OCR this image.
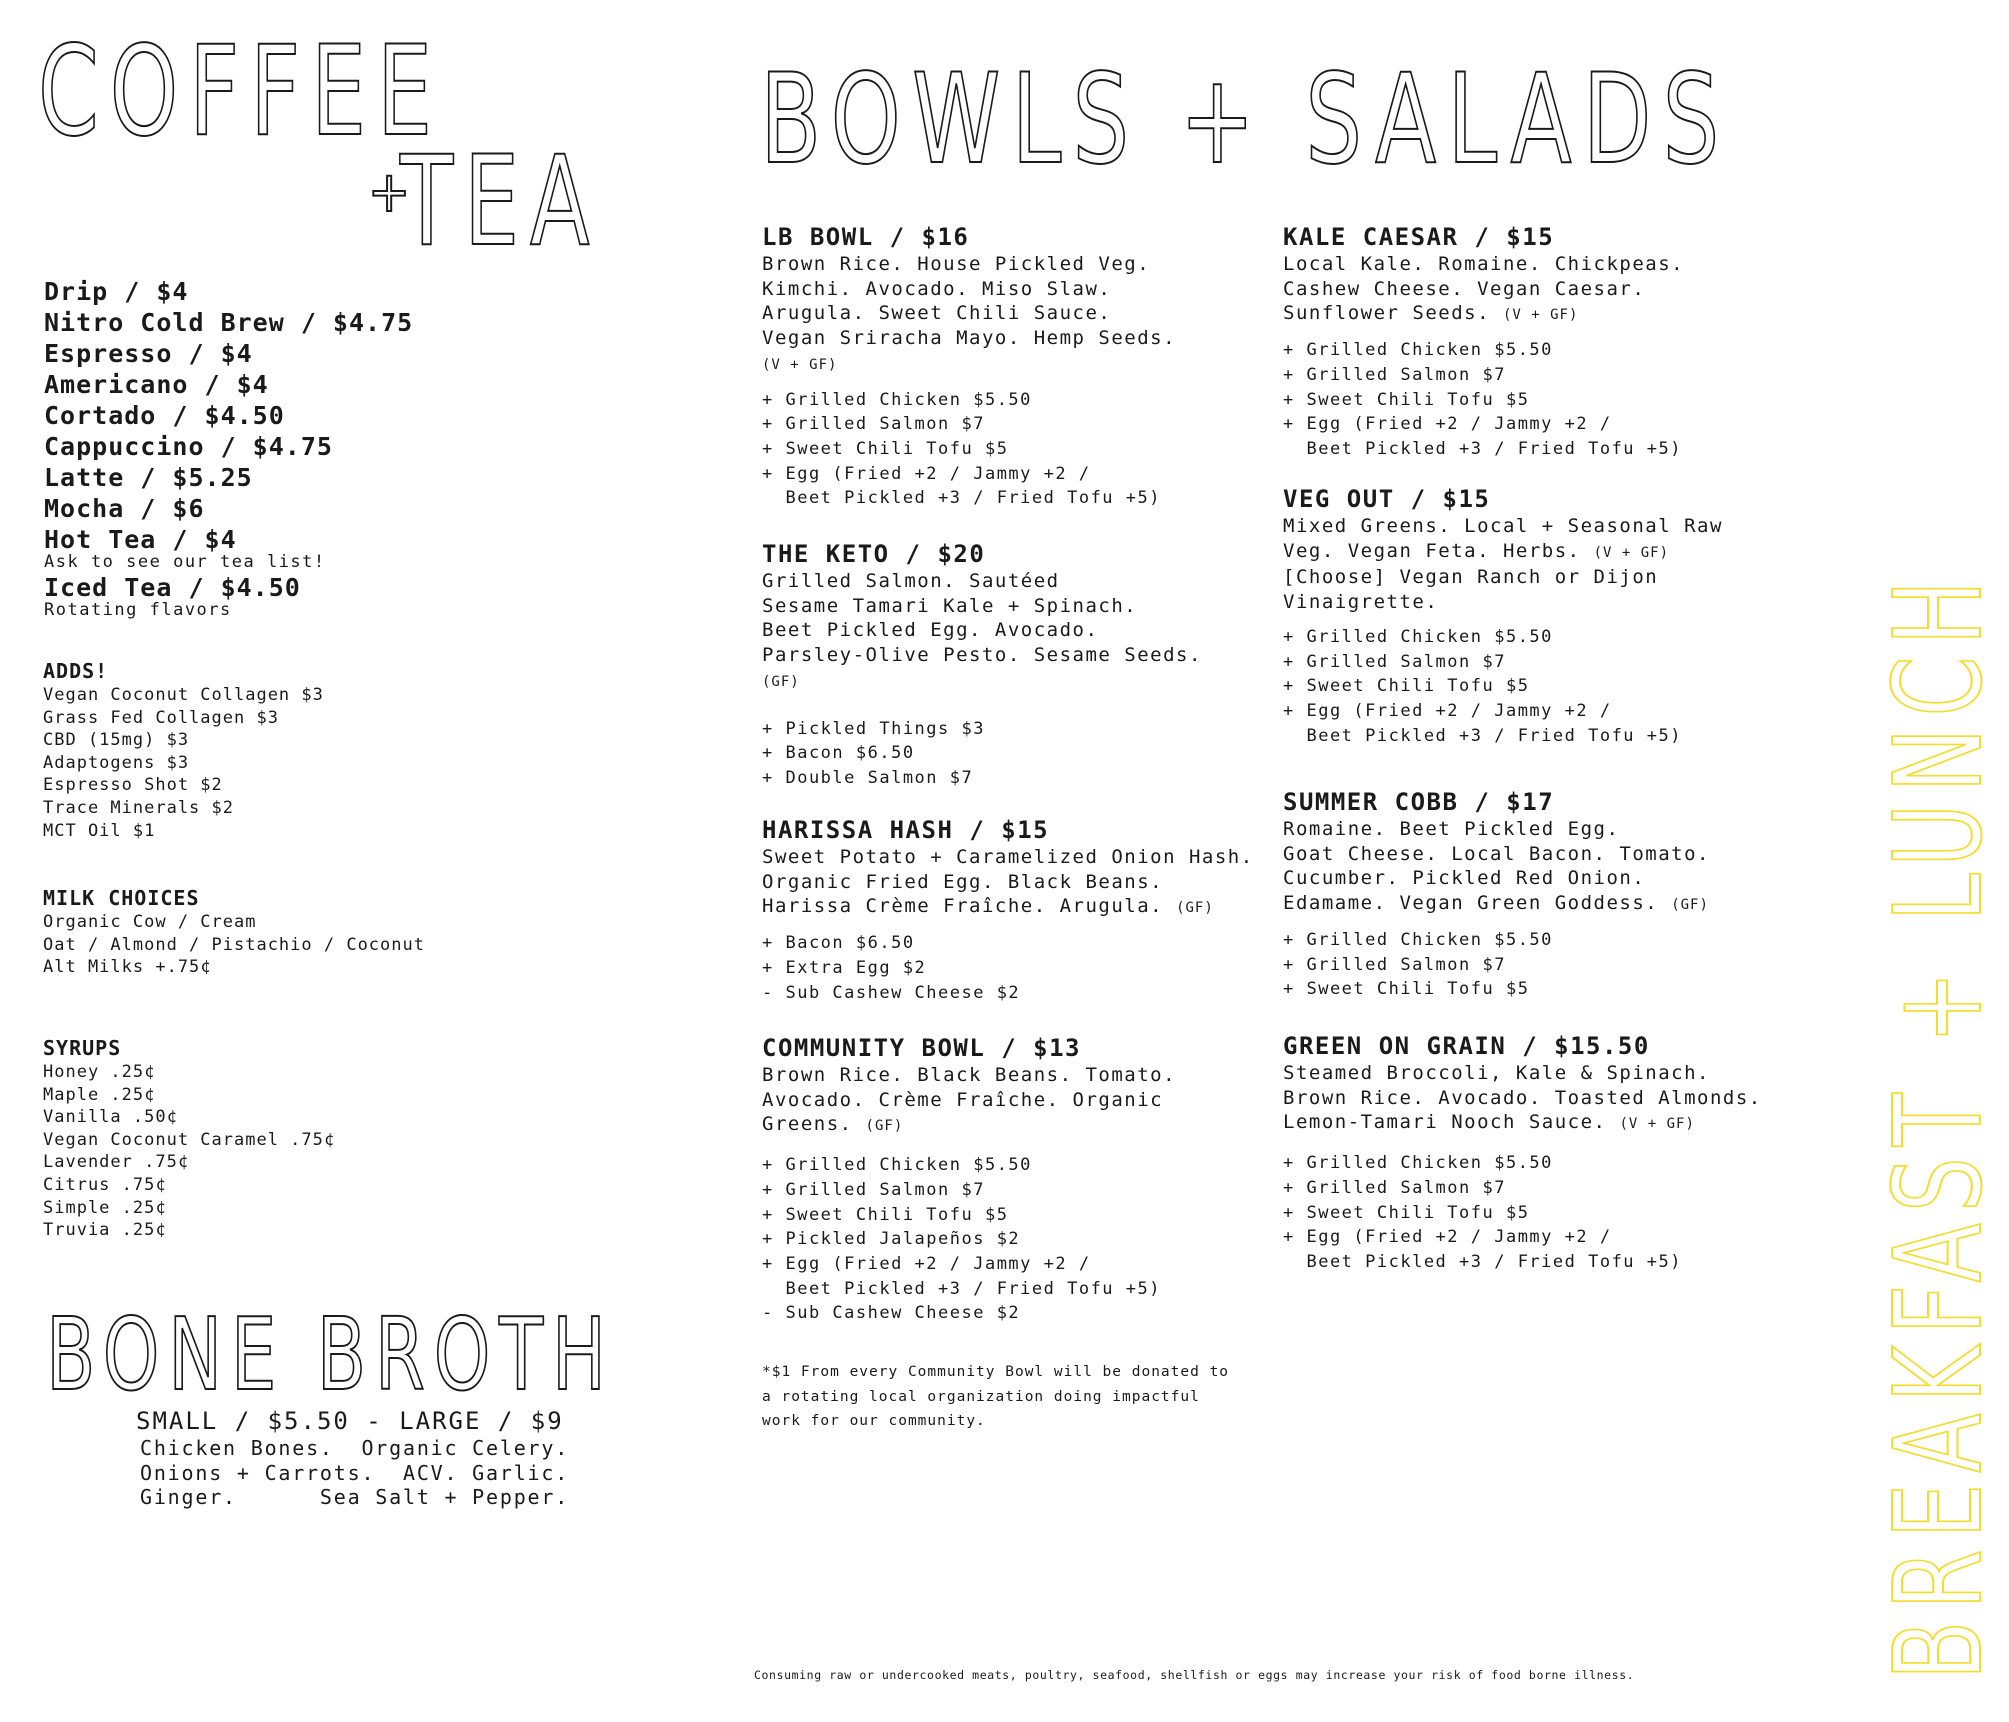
COFFEE
+
TEA
BOWLS + SALADS
BONE BROTH	BREAKFAST + LUNCH
Drip / $4
Nitro Cold Brew / $4.75
Espresso / $4
Americano / $4
Cortado / $4.50
Cappuccino / $4.75
Latte / $5.25
Mocha / $6
Hot Tea / $4
Ask to see our tea list!
Iced Tea / $4.50
Rotating flavors
ADDS!
Vegan Coconut Collagen $3
Grass Fed Collagen $3
CBD (15mg) $3
Adaptogens $3
Espresso Shot $2
Trace Minerals $2
MCT Oil $1
MILK CHOICES
Organic Cow / Cream
Oat / Almond / Pistachio / Coconut
Alt Milks +.75¢
SYRUPS
Honey .25¢
Maple .25¢
Vanilla .50¢
Vegan Coconut Caramel .75¢
Lavender .75¢
Citrus .75¢
Simple .25¢
Truvia .25¢
SMALL / $5.50 - LARGE / $9
Chicken Bones.  Organic Celery.
Onions + Carrots.  ACV. Garlic.
Ginger.      Sea Salt + Pepper.
LB BOWL / $16
Brown Rice. House Pickled Veg.
Kimchi. Avocado. Miso Slaw.
Arugula. Sweet Chili Sauce.
Vegan Sriracha Mayo. Hemp Seeds.
(V + GF)
+ Grilled Chicken $5.50
+ Grilled Salmon $7
+ Sweet Chili Tofu $5
+ Egg (Fried +2 / Jammy +2 /
Beet Pickled +3 / Fried Tofu +5)
THE KETO / $20
Grilled Salmon. Sautéed
Sesame Tamari Kale + Spinach.
Beet Pickled Egg. Avocado.
Parsley-Olive Pesto. Sesame Seeds.
(GF)
+ Pickled Things $3
+ Bacon $6.50
+ Double Salmon $7
HARISSA HASH / $15
Sweet Potato + Caramelized Onion Hash.
Organic Fried Egg. Black Beans.
Harissa Crème Fraîche. Arugula. (GF)
+ Bacon $6.50
+ Extra Egg $2
- Sub Cashew Cheese $2
COMMUNITY BOWL / $13
Brown Rice. Black Beans. Tomato.
Avocado. Crème Fraîche. Organic
Greens. (GF)
+ Grilled Chicken $5.50
+ Grilled Salmon $7
+ Sweet Chili Tofu $5
+ Pickled Jalapeños $2
+ Egg (Fried +2 / Jammy +2 /
Beet Pickled +3 / Fried Tofu +5)
- Sub Cashew Cheese $2
*$1 From every Community Bowl will be donated to
a rotating local organization doing impactful
work for our community.
KALE CAESAR / $15
Local Kale. Romaine. Chickpeas.
Cashew Cheese. Vegan Caesar.
Sunflower Seeds. (V + GF)
+ Grilled Chicken $5.50
+ Grilled Salmon $7
+ Sweet Chili Tofu $5
+ Egg (Fried +2 / Jammy +2 /
Beet Pickled +3 / Fried Tofu +5)
VEG OUT / $15
Mixed Greens. Local + Seasonal Raw
Veg. Vegan Feta. Herbs. (V + GF)
[Choose] Vegan Ranch or Dijon
Vinaigrette.
+ Grilled Chicken $5.50
+ Grilled Salmon $7
+ Sweet Chili Tofu $5
+ Egg (Fried +2 / Jammy +2 /
Beet Pickled +3 / Fried Tofu +5)
SUMMER COBB / $17
Romaine. Beet Pickled Egg.
Goat Cheese. Local Bacon. Tomato.
Cucumber. Pickled Red Onion.
Edamame. Vegan Green Goddess. (GF)
+ Grilled Chicken $5.50
+ Grilled Salmon $7
+ Sweet Chili Tofu $5
GREEN ON GRAIN / $15.50
Steamed Broccoli, Kale & Spinach.
Brown Rice. Avocado. Toasted Almonds.
Lemon-Tamari Nooch Sauce. (V + GF)
+ Grilled Chicken $5.50
+ Grilled Salmon $7
+ Sweet Chili Tofu $5
+ Egg (Fried +2 / Jammy +2 /
Beet Pickled +3 / Fried Tofu +5)
Consuming raw or undercooked meats, poultry, seafood, shellfish or eggs may increase your risk of food borne illness.
